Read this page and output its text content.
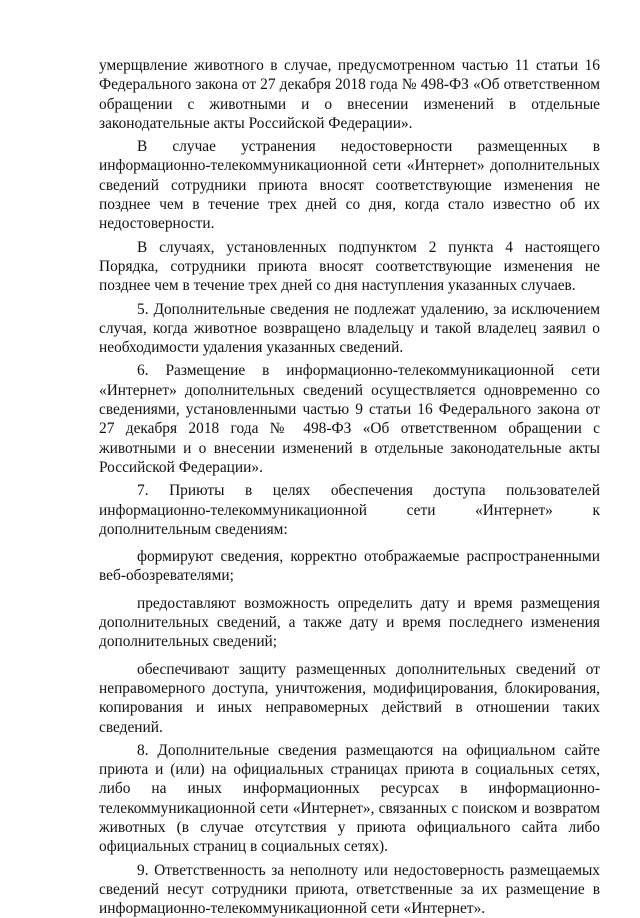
умерщвление животного в случае, предусмотренном частью 11 статьи 16 Федерального закона от 27 декабря 2018 года № 498-ФЗ «Об ответственном обращении с животными и о внесении изменений в отдельные законодательные акты Российской Федерации».

В случае устранения недостоверности размещенных в информационно-телекоммуникационной сети «Интернет» дополнительных сведений сотрудники приюта вносят соответствующие изменения не позднее чем в течение трех дней со дня, когда стало известно об их недостоверности.

В случаях, установленных подпунктом 2 пункта 4 настоящего Порядка, сотрудники приюта вносят соответствующие изменения не позднее чем в течение трех дней со дня наступления указанных случаев.

5. Дополнительные сведения не подлежат удалению, за исключением случая, когда животное возвращено владельцу и такой владелец заявил о необходимости удаления указанных сведений.

6. Размещение в информационно-телекоммуникационной сети «Интернет» дополнительных сведений осуществляется одновременно со сведениями, установленными частью 9 статьи 16 Федерального закона от 27 декабря 2018 года № 498-ФЗ «Об ответственном обращении с животными и о внесении изменений в отдельные законодательные акты Российской Федерации».

7. Приюты в целях обеспечения доступа пользователей информационно-телекоммуникационной сети «Интернет» к дополнительным сведениям:

формируют сведения, корректно отображаемые распространенными веб-обозревателями;

предоставляют возможность определить дату и время размещения дополнительных сведений, а также дату и время последнего изменения дополнительных сведений;

обеспечивают защиту размещенных дополнительных сведений от неправомерного доступа, уничтожения, модифицирования, блокирования, копирования и иных неправомерных действий в отношении таких сведений.

8. Дополнительные сведения размещаются на официальном сайте приюта и (или) на официальных страницах приюта в социальных сетях, либо на иных информационных ресурсах в информационно-телекоммуникационной сети «Интернет», связанных с поиском и возвратом животных (в случае отсутствия у приюта официального сайта либо официальных страниц в социальных сетях).

9. Ответственность за неполноту или недостоверность размещаемых сведений несут сотрудники приюта, ответственные за их размещение в информационно-телекоммуникационной сети «Интернет».
